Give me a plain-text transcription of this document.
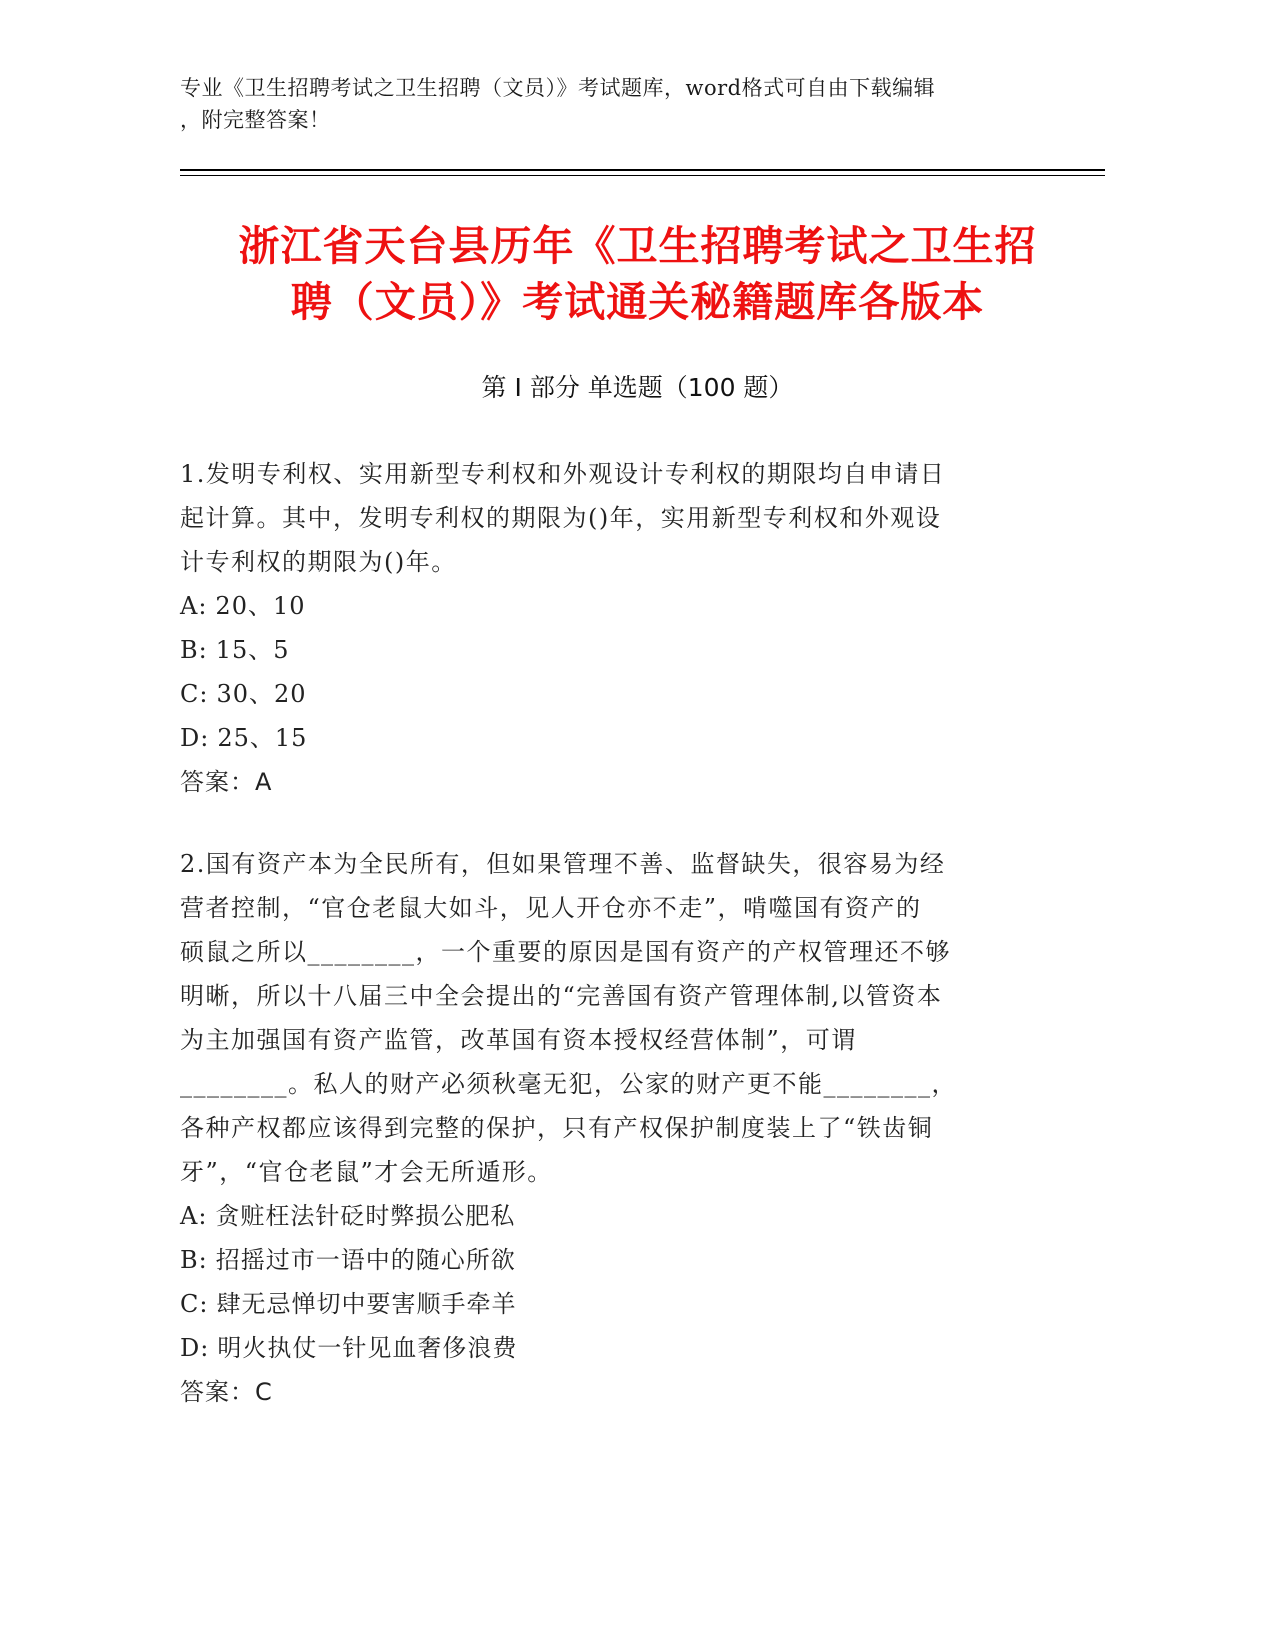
专业《卫生招聘考试之卫生招聘（文员）》考试题库，word格式可自由下载编辑
，附完整答案！
浙江省天台县历年《卫生招聘考试之卫生招
聘（文员）》考试通关秘籍题库各版本
第 I 部分 单选题（100 题）
1.发明专利权、实用新型专利权和外观设计专利权的期限均自申请日
起计算。其中，发明专利权的期限为()年，实用新型专利权和外观设
计专利权的期限为()年。
A: 20、10
B: 15、5
C: 30、20
D: 25、15
答案：A
2.国有资产本为全民所有，但如果管理不善、监督缺失，很容易为经
营者控制，“官仓老鼠大如斗，见人开仓亦不走”，啃噬国有资产的
硕鼠之所以________，一个重要的原因是国有资产的产权管理还不够
明晰，所以十八届三中全会提出的“完善国有资产管理体制,以管资本
为主加强国有资产监管，改革国有资本授权经营体制”，可谓
________。私人的财产必须秋毫无犯，公家的财产更不能________，
各种产权都应该得到完整的保护，只有产权保护制度装上了“铁齿铜
牙”，“官仓老鼠”才会无所遁形。
A: 贪赃枉法针砭时弊损公肥私
B: 招摇过市一语中的随心所欲
C: 肆无忌惮切中要害顺手牵羊
D: 明火执仗一针见血奢侈浪费
答案：C
